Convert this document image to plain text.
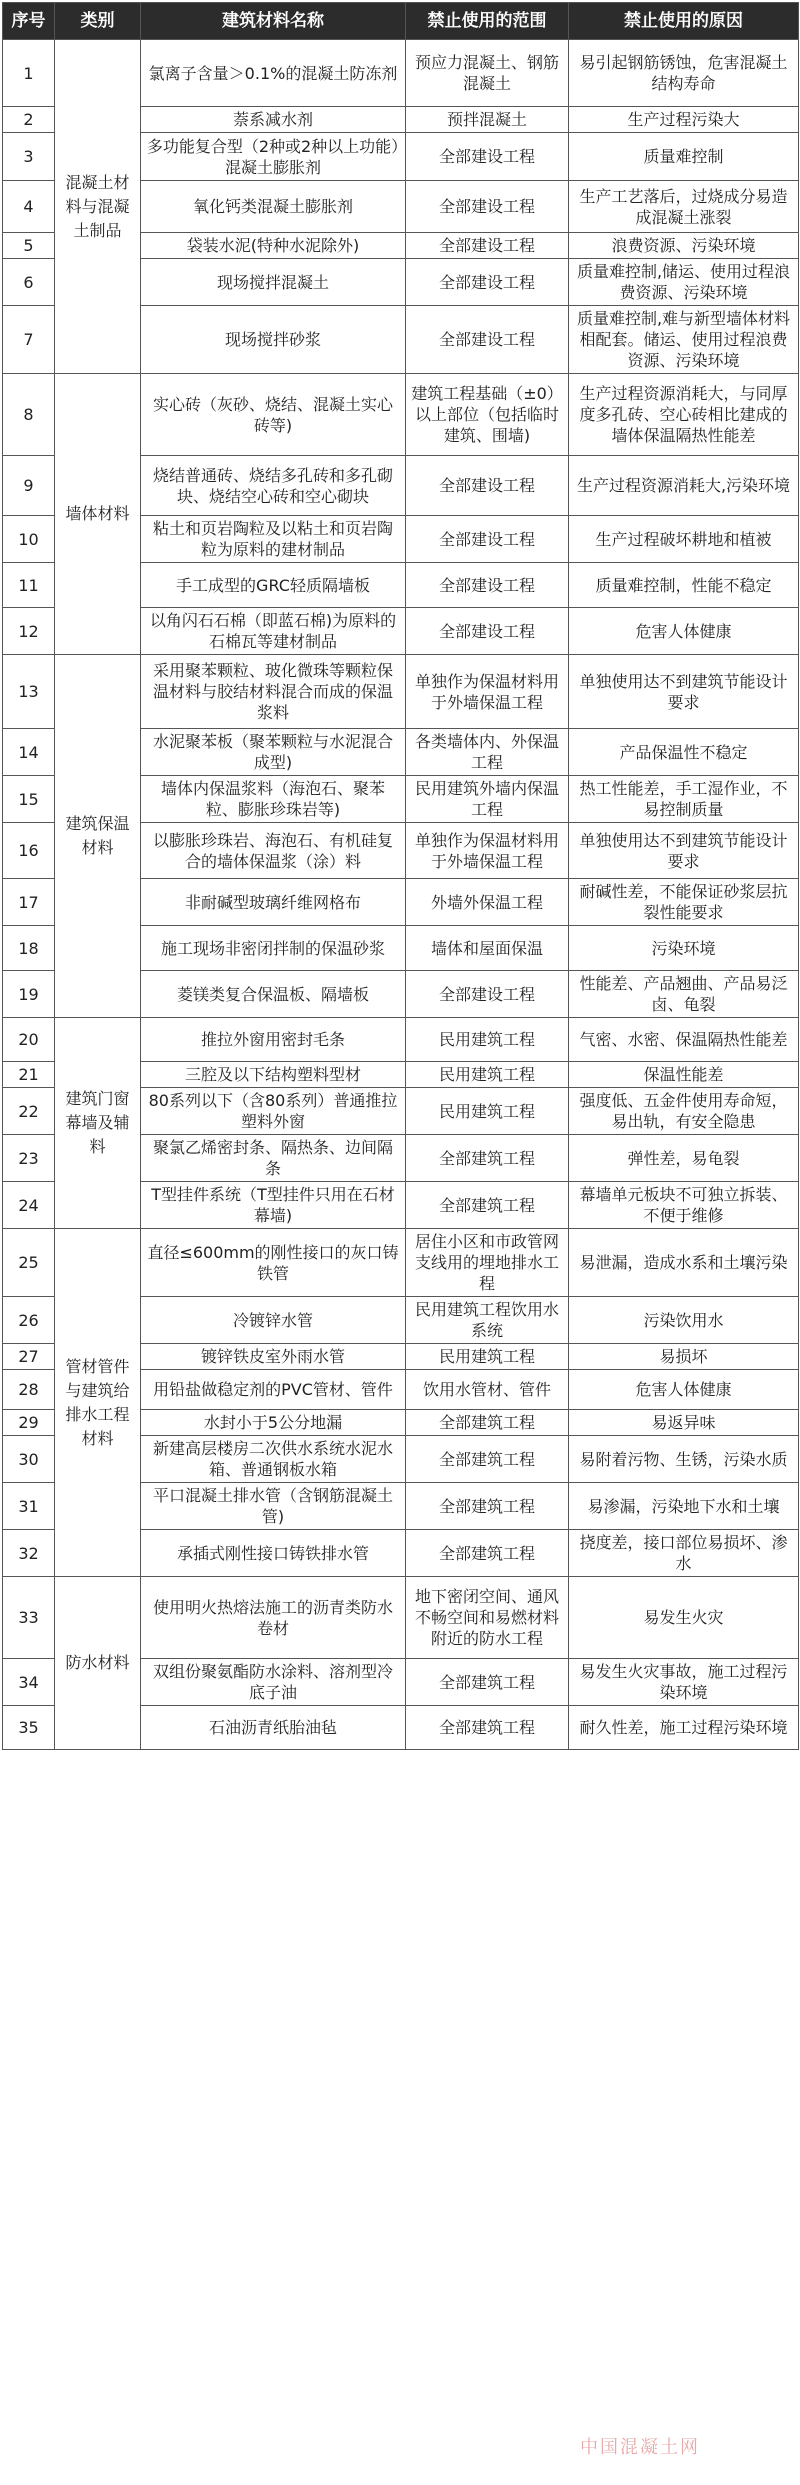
序号	类别	建筑材料名称	禁止使用的范围	禁止使用的原因
1	混凝土材料与混凝土制品	氯离子含量＞0.1%的混凝土防冻剂	预应力混凝土、钢筋混凝土	易引起钢筋锈蚀，危害混凝土结构寿命
2		萘系减水剂	预拌混凝土	生产过程污染大
3		多功能复合型（2种或2种以上功能）混凝土膨胀剂	全部建设工程	质量难控制
4		氧化钙类混凝土膨胀剂	全部建设工程	生产工艺落后，过烧成分易造成混凝土涨裂
5		袋装水泥(特种水泥除外)	全部建设工程	浪费资源、污染环境
6		现场搅拌混凝土	全部建设工程	质量难控制,储运、使用过程浪费资源、污染环境
7		现场搅拌砂浆	全部建设工程	质量难控制,难与新型墙体材料相配套。储运、使用过程浪费资源、污染环境
8	墙体材料	实心砖（灰砂、烧结、混凝土实心砖等)	建筑工程基础（±0）以上部位（包括临时建筑、围墙)	生产过程资源消耗大，与同厚度多孔砖、空心砖相比建成的墙体保温隔热性能差
9		烧结普通砖、烧结多孔砖和多孔砌块、烧结空心砖和空心砌块	全部建设工程	生产过程资源消耗大,污染环境
10		粘土和页岩陶粒及以粘土和页岩陶粒为原料的建材制品	全部建设工程	生产过程破坏耕地和植被
11		手工成型的GRC轻质隔墙板	全部建设工程	质量难控制，性能不稳定
12		以角闪石石棉（即蓝石棉)为原料的石棉瓦等建材制品	全部建设工程	危害人体健康
13	建筑保温材料	采用聚苯颗粒、玻化微珠等颗粒保温材料与胶结材料混合而成的保温浆料	单独作为保温材料用于外墙保温工程	单独使用达不到建筑节能设计要求
14		水泥聚苯板（聚苯颗粒与水泥混合成型)	各类墙体内、外保温工程	产品保温性不稳定
15		墙体内保温浆料（海泡石、聚苯粒、膨胀珍珠岩等)	民用建筑外墙内保温工程	热工性能差，手工湿作业，不易控制质量
16		以膨胀珍珠岩、海泡石、有机硅复合的墙体保温浆（涂）料	单独作为保温材料用于外墙保温工程	单独使用达不到建筑节能设计要求
17		非耐碱型玻璃纤维网格布	外墙外保温工程	耐碱性差，不能保证砂浆层抗裂性能要求
18		施工现场非密闭拌制的保温砂浆	墙体和屋面保温	污染环境
19		菱镁类复合保温板、隔墙板	全部建设工程	性能差、产品翘曲、产品易泛卤、龟裂
20	建筑门窗幕墙及辅料	推拉外窗用密封毛条	民用建筑工程	气密、水密、保温隔热性能差
21		三腔及以下结构塑料型材	民用建筑工程	保温性能差
22		80系列以下（含80系列）普通推拉塑料外窗	民用建筑工程	强度低、五金件使用寿命短，易出轨，有安全隐患
23		聚氯乙烯密封条、隔热条、边间隔条	全部建筑工程	弹性差，易龟裂
24		T型挂件系统（T型挂件只用在石材幕墙)	全部建筑工程	幕墙单元板块不可独立拆装、不便于维修
25	管材管件与建筑给排水工程材料	直径≤600mm的刚性接口的灰口铸铁管	居住小区和市政管网支线用的埋地排水工程	易泄漏，造成水系和土壤污染
26		冷镀锌水管	民用建筑工程饮用水系统	污染饮用水
27		镀锌铁皮室外雨水管	民用建筑工程	易损坏
28		用铅盐做稳定剂的PVC管材、管件	饮用水管材、管件	危害人体健康
29		水封小于5公分地漏	全部建筑工程	易返异味
30		新建高层楼房二次供水系统水泥水箱、普通钢板水箱	全部建筑工程	易附着污物、生锈，污染水质
31		平口混凝土排水管（含钢筋混凝土管)	全部建筑工程	易渗漏，污染地下水和土壤
32		承插式刚性接口铸铁排水管	全部建筑工程	挠度差，接口部位易损坏、渗水
33	防水材料	使用明火热熔法施工的沥青类防水卷材	地下密闭空间、通风不畅空间和易燃材料附近的防水工程	易发生火灾
34		双组份聚氨酯防水涂料、溶剂型冷底子油	全部建筑工程	易发生火灾事故，施工过程污染环境
35		石油沥青纸胎油毡	全部建筑工程	耐久性差，施工过程污染环境
中国混凝土网
